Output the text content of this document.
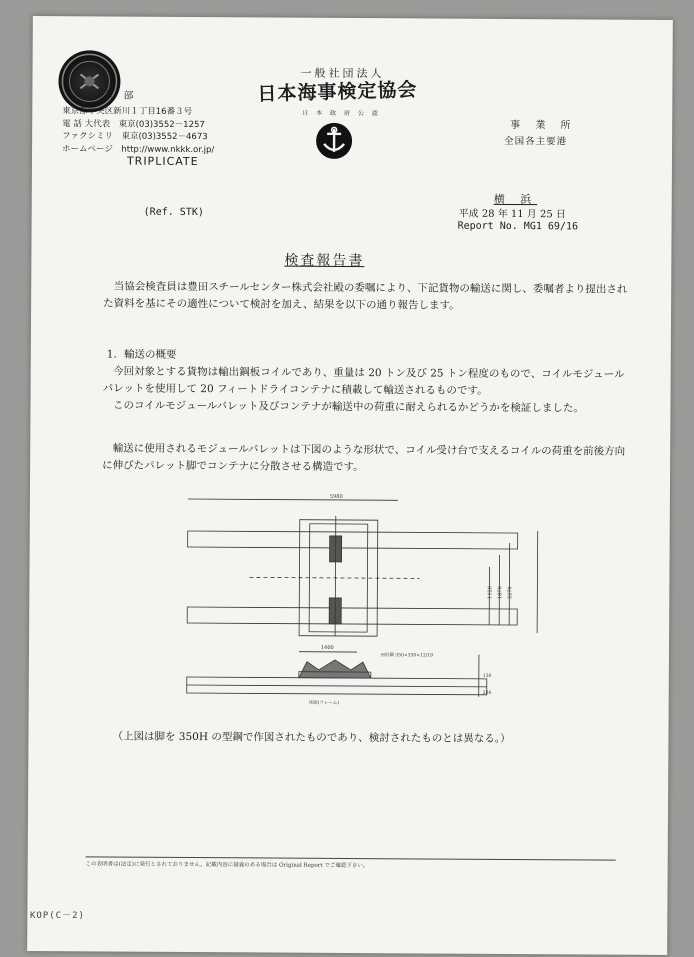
本 部
東京都中央区新川１丁目16番３号
電 話 大代表　東京(03)3552－1257
ファクシミリ　東京(03)3552－4673
ホームページ　http://www.nkkk.or.jp/
TRIPLICATE
一般社団法人
日本海事検定協会
日 本 政 府 公 認
事 業 所
全国各主要港
(Ref. STK)
横 浜
平成 28 年 11 月 25 日
Report No. MG1 69/16
検査報告書
当協会検査員は豊田スチールセンター株式会社殿の委嘱により、下記貨物の輸送に関し、委嘱者より提出された資料を基にその適性について検討を加え、結果を以下の通り報告します。
1．輸送の概要
今回対象とする貨物は輸出鋼板コイルであり、重量は 20 トン及び 25 トン程度のもので、コイルモジュールパレットを使用して 20 フィートドライコンテナに積載して輸送されるものです。
このコイルモジュールパレット及びコンテナが輸送中の荷重に耐えられるかどうかを検証しました。
輸送に使用されるモジュールパレットは下図のような形状で、コイル受け台で支えるコイルの荷重を前後方向に伸びたパレット脚でコンテナに分散させる構造です。
5980
1120 1870 2270
1400
H形鋼 350×350×12/19
120
236
床面(フレーム)
（上図は脚を 350H の型鋼で作図されたものであり、検討されたものとは異なる。）
この表明書は(法定)に発行とされておりません。記載内容に疑義のある場合は Original Report でご確認下さい。
KOP(C－2)
